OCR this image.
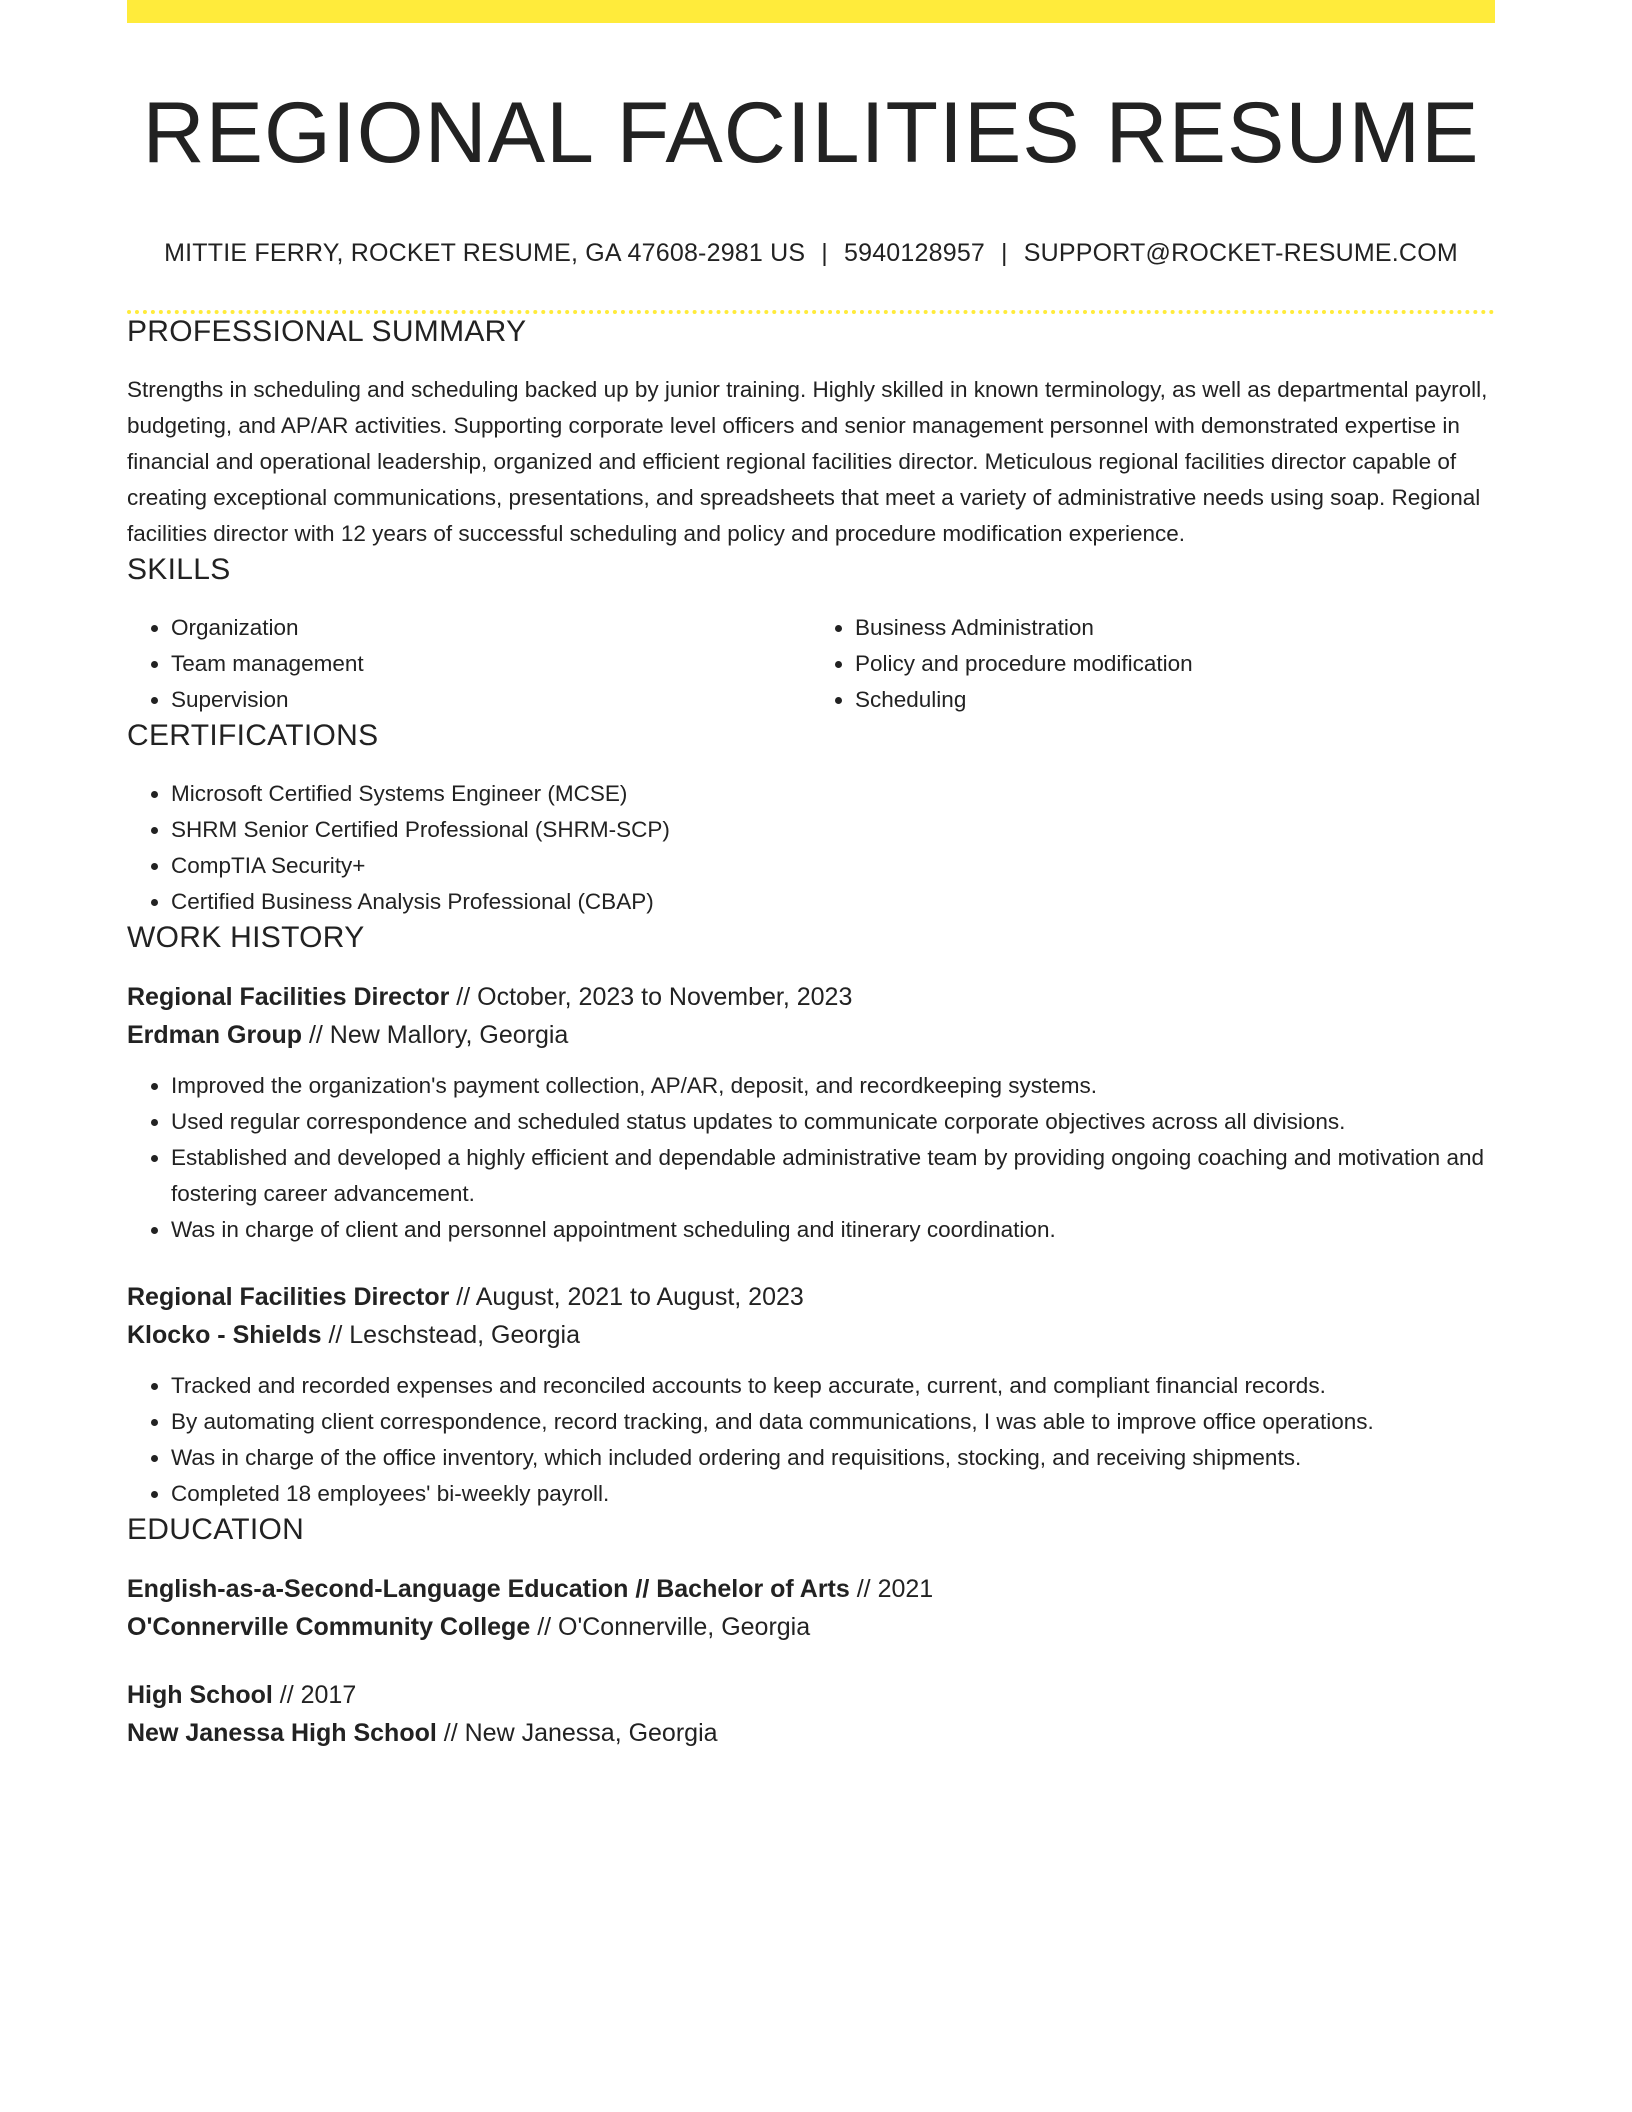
REGIONAL FACILITIES RESUME
MITTIE FERRY, ROCKET RESUME, GA 47608-2981 US | 5940128957 | SUPPORT@ROCKET-RESUME.COM
PROFESSIONAL SUMMARY

Strengths in scheduling and scheduling backed up by junior training. Highly skilled in known terminology, as well as departmental payroll, budgeting, and AP/AR activities. Supporting corporate level officers and senior management personnel with demonstrated expertise in financial and operational leadership, organized and efficient regional facilities director. Meticulous regional facilities director capable of creating exceptional communications, presentations, and spreadsheets that meet a variety of administrative needs using soap. Regional facilities director with 12 years of successful scheduling and policy and procedure modification experience.

SKILLS
• Organization
• Team management
• Supervision
• Business Administration
• Policy and procedure modification
• Scheduling
CERTIFICATIONS
• Microsoft Certified Systems Engineer (MCSE)
• SHRM Senior Certified Professional (SHRM-SCP)
• CompTIA Security+
• Certified Business Analysis Professional (CBAP)
WORK HISTORY
Regional Facilities Director // October, 2023 to November, 2023
Erdman Group // New Mallory, Georgia
• Improved the organization's payment collection, AP/AR, deposit, and recordkeeping systems.
• Used regular correspondence and scheduled status updates to communicate corporate objectives across all divisions.
• Established and developed a highly efficient and dependable administrative team by providing ongoing coaching and motivation and fostering career advancement.
• Was in charge of client and personnel appointment scheduling and itinerary coordination.
Regional Facilities Director // August, 2021 to August, 2023
Klocko - Shields // Leschstead, Georgia
• Tracked and recorded expenses and reconciled accounts to keep accurate, current, and compliant financial records.
• By automating client correspondence, record tracking, and data communications, I was able to improve office operations.
• Was in charge of the office inventory, which included ordering and requisitions, stocking, and receiving shipments.
• Completed 18 employees' bi-weekly payroll.
EDUCATION
English-as-a-Second-Language Education // Bachelor of Arts // 2021
O'Connerville Community College // O'Connerville, Georgia
High School // 2017
New Janessa High School // New Janessa, Georgia
